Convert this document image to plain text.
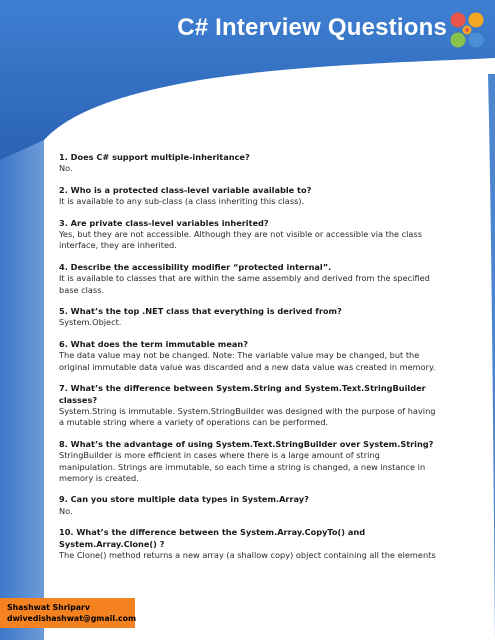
C# Interview Questions
1. Does C# support multiple-inheritance?
No.
2. Who is a protected class-level variable available to?
It is available to any sub-class (a class inheriting this class).
3. Are private class-level variables inherited?
Yes, but they are not accessible. Although they are not visible or accessible via the class interface, they are inherited.
4. Describe the accessibility modifier “protected internal”.
It is available to classes that are within the same assembly and derived from the specified base class.
5. What’s the top .NET class that everything is derived from?
System.Object.
6. What does the term immutable mean?
The data value may not be changed. Note: The variable value may be changed, but the original immutable data value was discarded and a new data value was created in memory.
7. What’s the difference between System.String and System.Text.StringBuilder classes?
System.String is immutable. System.StringBuilder was designed with the purpose of having a mutable string where a variety of operations can be performed.
8. What’s the advantage of using System.Text.StringBuilder over System.String?
StringBuilder is more efficient in cases where there is a large amount of string manipulation. Strings are immutable, so each time a string is changed, a new instance in memory is created.
9. Can you store multiple data types in System.Array?
No.
10. What’s the difference between the System.Array.CopyTo() and System.Array.Clone() ?
The Clone() method returns a new array (a shallow copy) object containing all the elements
Shashwat Shriparv
dwivedishashwat@gmail.com
